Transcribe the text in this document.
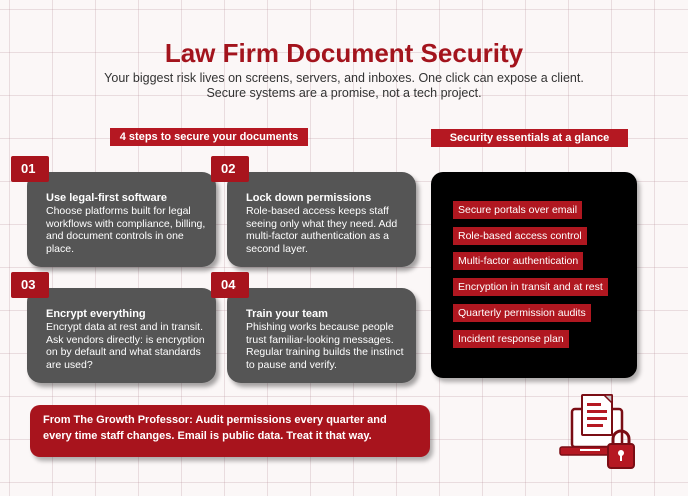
Law Firm Document Security
Your biggest risk lives on screens, servers, and inboxes. One click can expose a client.
Secure systems are a promise, not a tech project.
4 steps to secure your documents	Security essentials at a glance
01
Use legal-first software
Choose platforms built for legal workflows with compliance, billing, and document controls in one place.
02
Lock down permissions
Role-based access keeps staff seeing only what they need. Add multi-factor authentication as a second layer.
03
Encrypt everything
Encrypt data at rest and in transit. Ask vendors directly: is encryption on by default and what standards are used?
04
Train your team
Phishing works because people trust familiar-looking messages. Regular training builds the instinct to pause and verify.
Secure portals over email
Role-based access control
Multi-factor authentication
Encryption in transit and at rest
Quarterly permission audits
Incident response plan
From The Growth Professor: Audit permissions every quarter and every time staff changes. Email is public data. Treat it that way.
